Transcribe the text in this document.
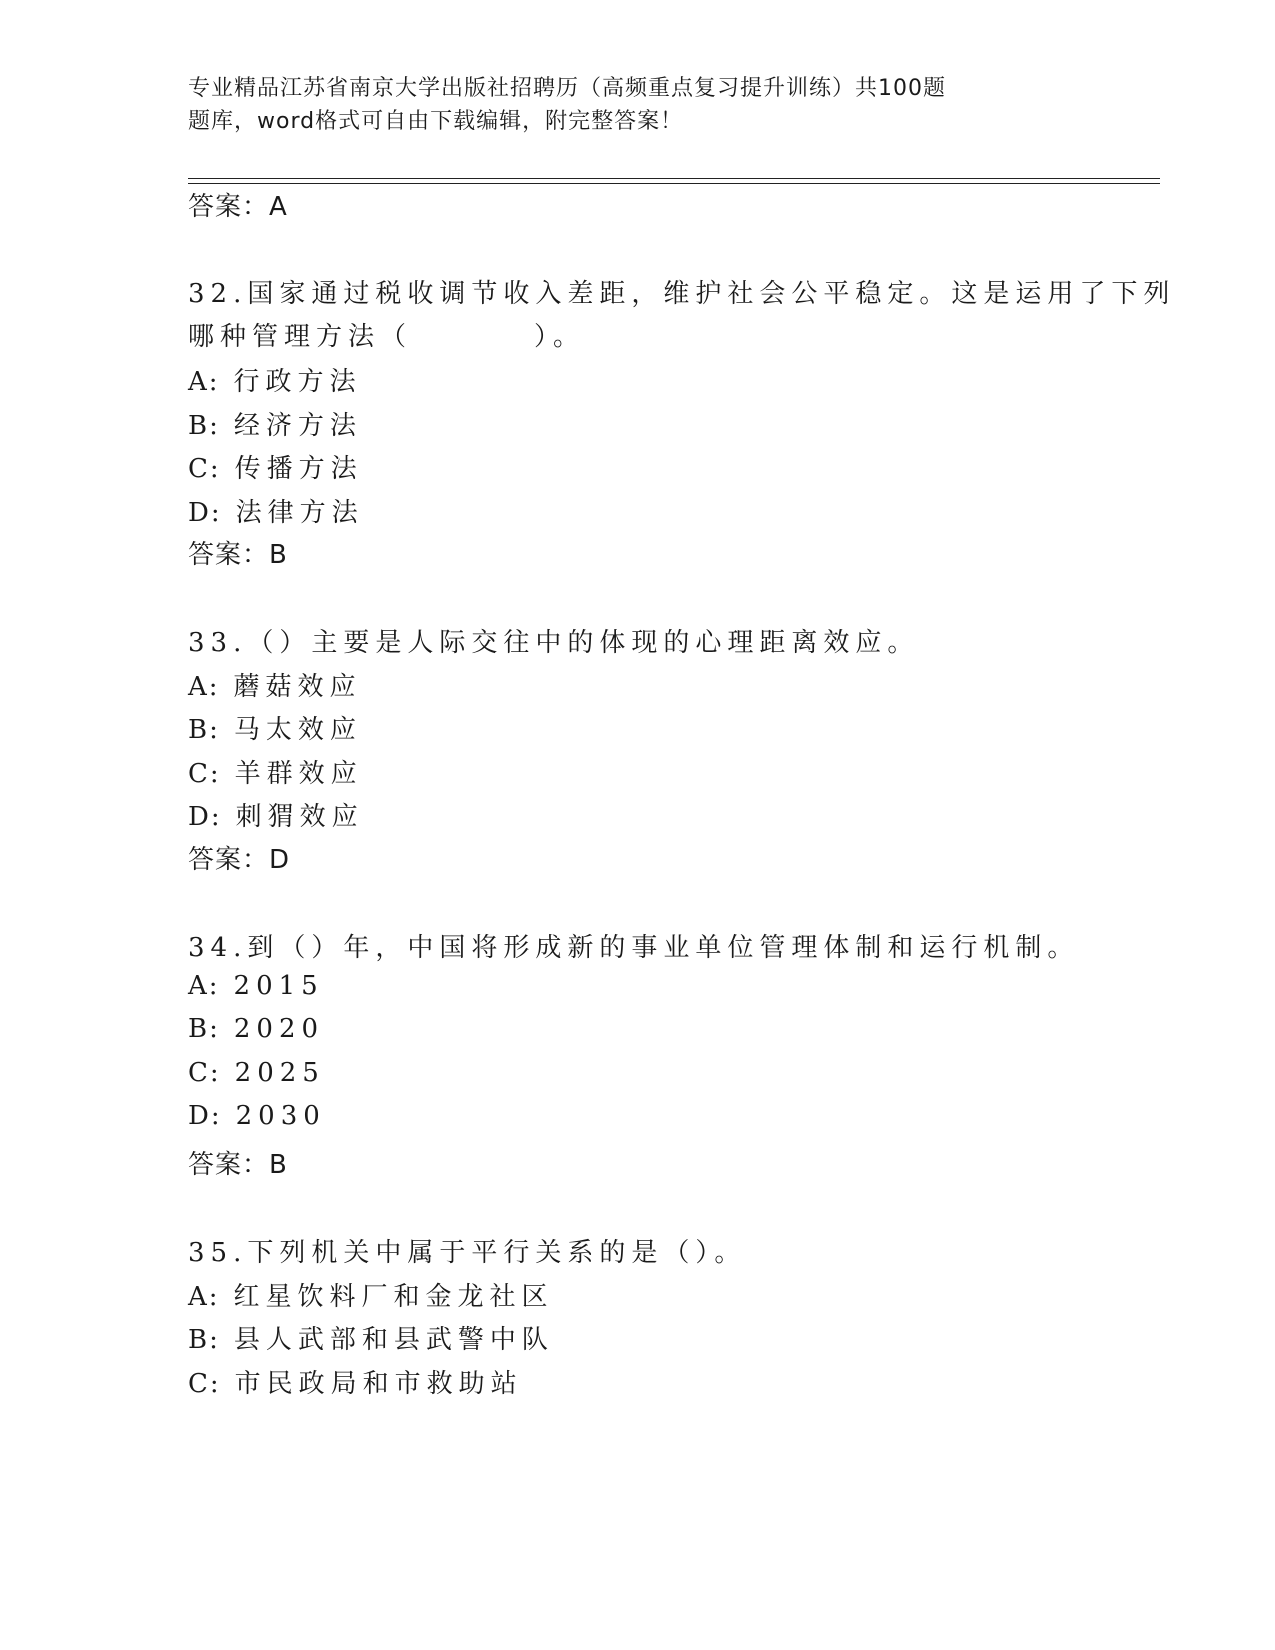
专业精品江苏省南京大学出版社招聘历（高频重点复习提升训练）共100题
题库，word格式可自由下载编辑，附完整答案！
答案：A
32.国家通过税收调节收入差距，维护社会公平稳定。这是运用了下列
哪种管理方法（	）。
A: 行政方法
B: 经济方法
C: 传播方法
D: 法律方法
答案：B
33.（）主要是人际交往中的体现的心理距离效应。
A: 蘑菇效应
B: 马太效应
C: 羊群效应
D: 刺猬效应
答案：D
34.到（）年，中国将形成新的事业单位管理体制和运行机制。
A: 2015
B: 2020
C: 2025
D: 2030
答案：B
35.下列机关中属于平行关系的是（）。
A: 红星饮料厂和金龙社区
B: 县人武部和县武警中队
C: 市民政局和市救助站
